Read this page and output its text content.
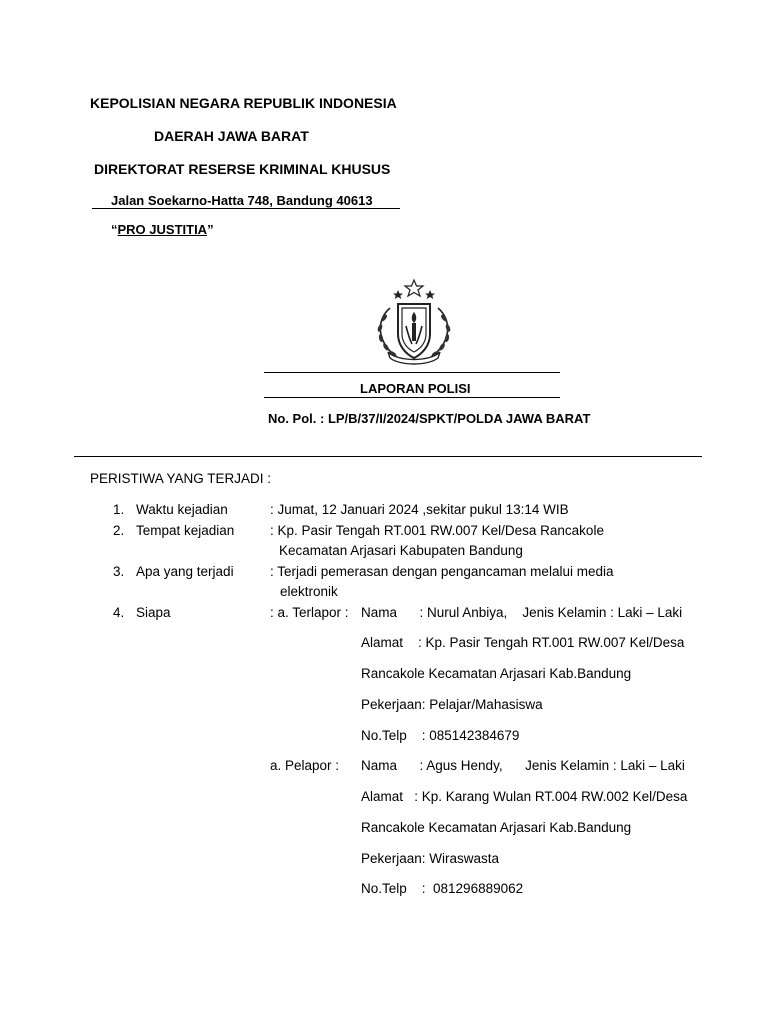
KEPOLISIAN NEGARA REPUBLIK INDONESIA
DAERAH JAWA BARAT
DIREKTORAT RESERSE KRIMINAL KHUSUS
Jalan Soekarno-Hatta 748, Bandung 40613
“PRO JUSTITIA”
LAPORAN POLISI
No. Pol. : LP/B/37/I/2024/SPKT/POLDA JAWA BARAT
PERISTIWA YANG TERJADI :
1. Waktu kejadian	: Jumat, 12 Januari 2024 ,sekitar pukul 13:14 WIB
2. Tempat kejadian	: Kp. Pasir Tengah RT.001 RW.007 Kel/Desa Rancakole
Kecamatan Arjasari Kabupaten Bandung
3. Apa yang terjadi	: Terjadi pemerasan dengan pengancaman melalui media
elektronik
4. Siapa	: a. Terlapor : Nama      : Nurul Anbiya,    Jenis Kelamin : Laki – Laki
Alamat    : Kp. Pasir Tengah RT.001 RW.007 Kel/Desa
Rancakole Kecamatan Arjasari Kab.Bandung
Pekerjaan: Pelajar/Mahasiswa
No.Telp    : 085142384679
a. Pelapor : Nama      : Agus Hendy,      Jenis Kelamin : Laki – Laki
Alamat   : Kp. Karang Wulan RT.004 RW.002 Kel/Desa
Rancakole Kecamatan Arjasari Kab.Bandung
Pekerjaan: Wiraswasta
No.Telp    :  081296889062
